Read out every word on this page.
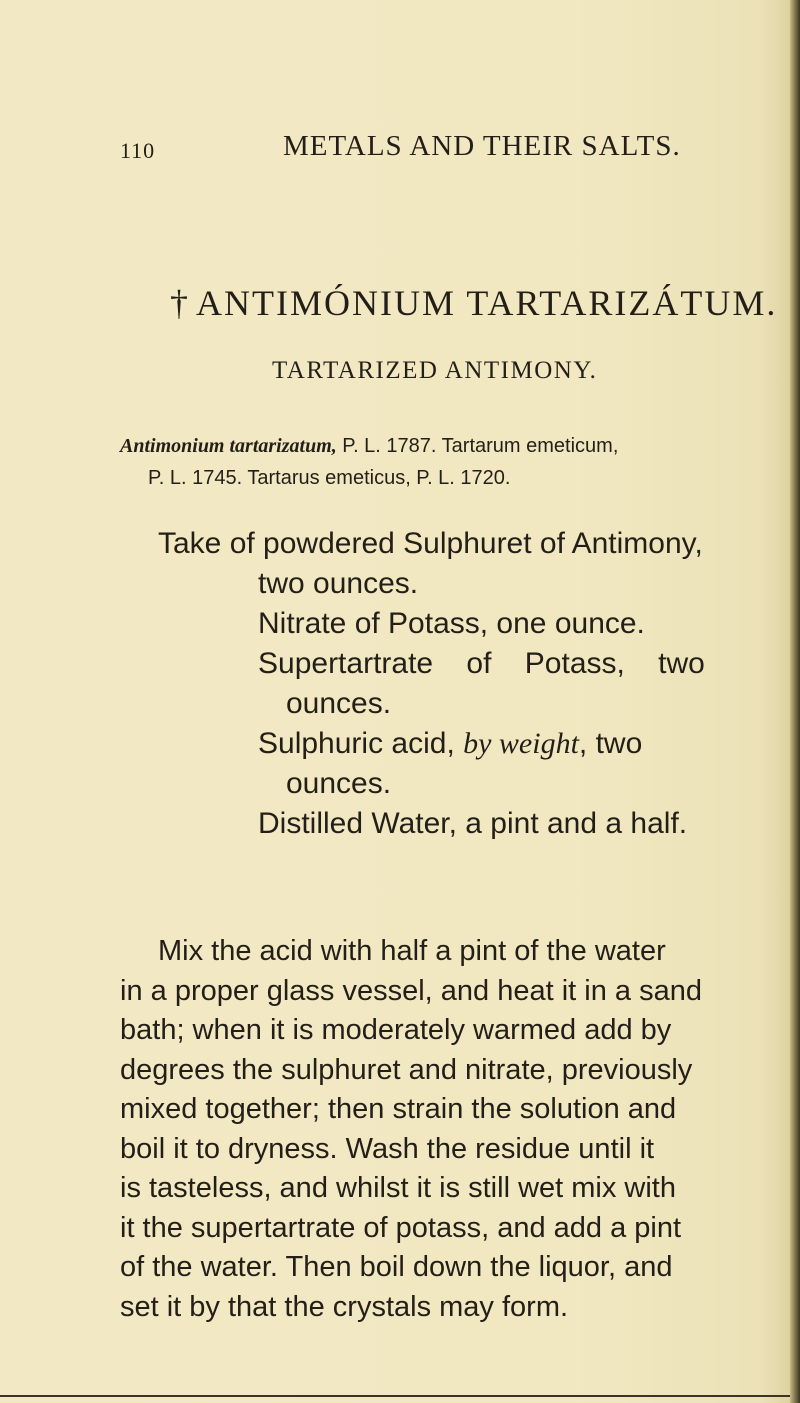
110	METALS AND THEIR SALTS.
† ANTIMÓNIUM TARTARIZÁTUM.
TARTARIZED ANTIMONY.
Antimonium tartarizatum, P. L. 1787. Tartarum emeticum,
P. L. 1745. Tartarus emeticus, P. L. 1720.
Take of powdered Sulphuret of Antimony,
two ounces.
Nitrate of Potass, one ounce.
Supertartrate    of    Potass,    two
ounces.
Sulphuric acid, by weight, two
ounces.
Distilled Water, a pint and a half.
Mix the acid with half a pint of the water
in a proper glass vessel, and heat it in a sand
bath; when it is moderately warmed add by
degrees the sulphuret and nitrate, previously
mixed together; then strain the solution and
boil it to dryness. Wash the residue until it
is tasteless, and whilst it is still wet mix with
it the supertartrate of potass, and add a pint
of the water. Then boil down the liquor, and
set it by that the crystals may form.
